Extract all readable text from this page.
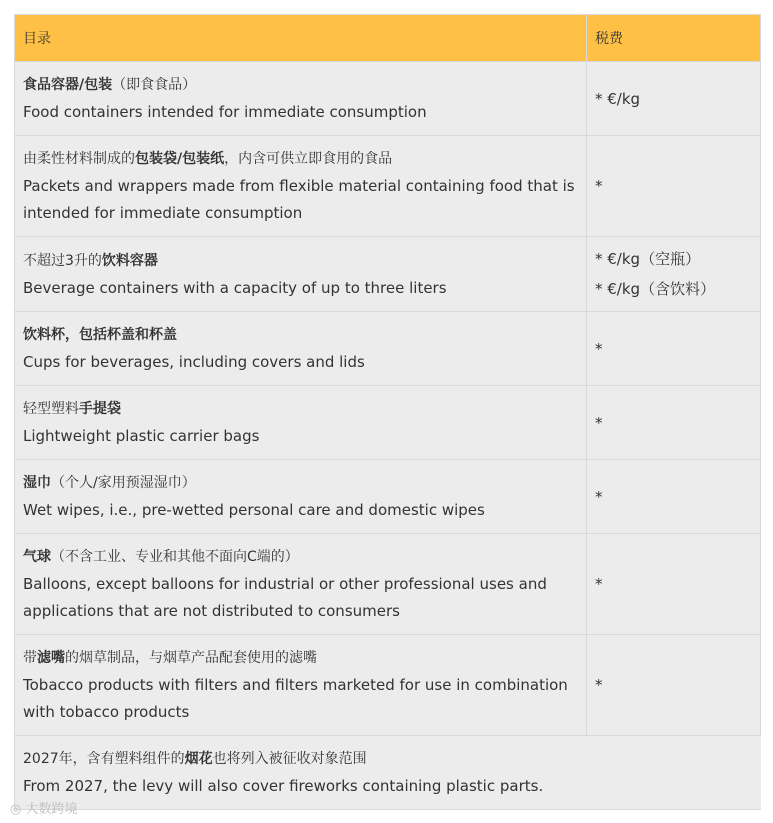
目录	税费

食品容器/包装（即食食品）
Food containers intended for immediate consumption	* €/kg

由柔性材料制成的包装袋/包装纸，内含可供立即食用的食品
Packets and wrappers made from flexible material containing food that is intended for immediate consumption	*

不超过3升的饮料容器
Beverage containers with a capacity of up to three liters	* €/kg（空瓶）
* €/kg（含饮料）

饮料杯，包括杯盖和杯盖
Cups for beverages, including covers and lids	*

轻型塑料手提袋
Lightweight plastic carrier bags	*

湿巾（个人/家用预湿湿巾）
Wet wipes, i.e., pre-wetted personal care and domestic wipes	*

气球（不含工业、专业和其他不面向C端的）
Balloons, except balloons for industrial or other professional uses and applications that are not distributed to consumers	*

带滤嘴的烟草制品，与烟草产品配套使用的滤嘴
Tobacco products with filters and filters marketed for use in combination with tobacco products	*

2027年，含有塑料组件的烟花也将列入被征收对象范围
From 2027, the levy will also cover fireworks containing plastic parts.	
◎ 大数跨境
